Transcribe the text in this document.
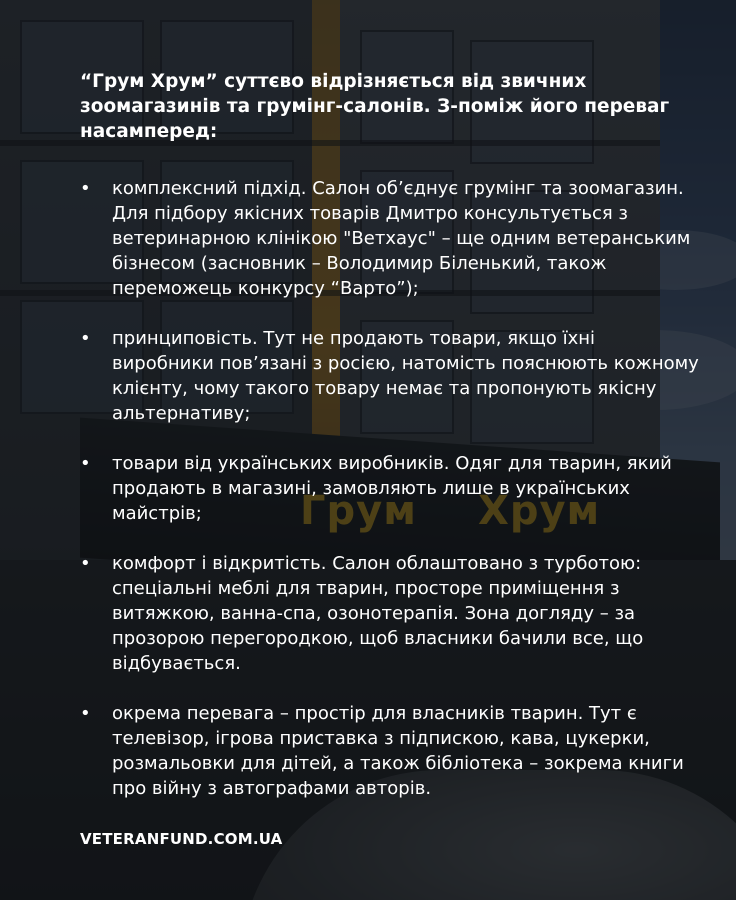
“Грум Хрум” суттєво відрізняється від звичних зоомагазинів та грумінг-салонів. З-поміж його переваг насамперед:

• комплексний підхід. Салон об’єднує грумінг та зоомагазин. Для підбору якісних товарів Дмитро консультується з ветеринарною клінікою "Ветхаус" – ще одним ветеранським бізнесом (засновник – Володимир Біленький, також переможець конкурсу “Варто”);
• принциповість. Тут не продають товари, якщо їхні виробники пов’язані з росією, натомість пояснюють кожному клієнту, чому такого товару немає та пропонують якісну альтернативу;
• товари від українських виробників. Одяг для тварин, який продають в магазині, замовляють лише в українських майстрів;
• комфорт і відкритість. Салон облаштовано з турботою: спеціальні меблі для тварин, просторе приміщення з витяжкою, ванна-спа, озонотерапія. Зона догляду – за прозорою перегородкою, щоб власники бачили все, що відбувається.
• окрема перевага – простір для власників тварин. Тут є телевізор, ігрова приставка з підпискою, кава, цукерки, розмальовки для дітей, а також бібліотека – зокрема книги про війну з автографами авторів.
VETERANFUND.COM.UA
